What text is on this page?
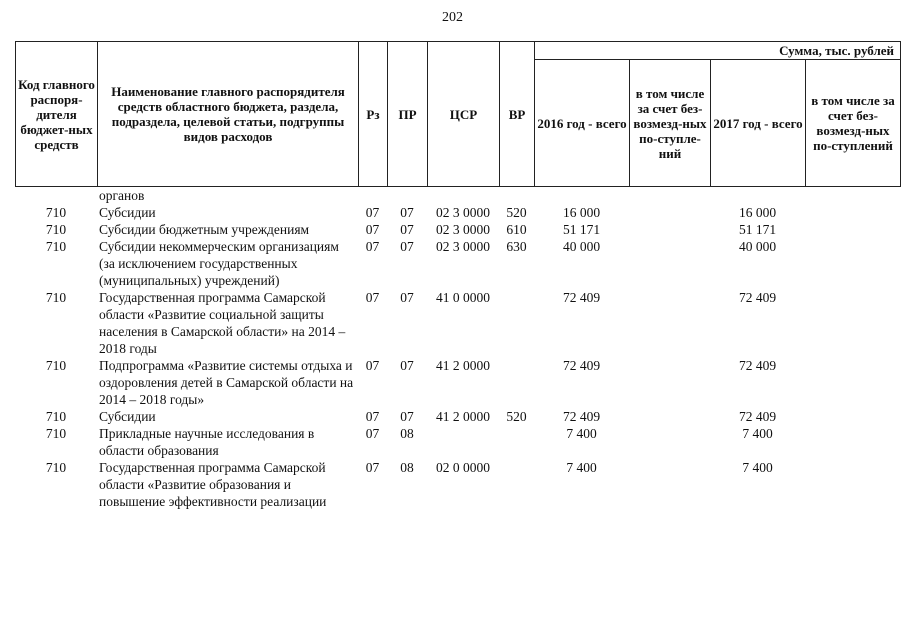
202
Код главного распоря-дителя бюджет-ных средств	Наименование главного распорядителя средств областного бюджета, раздела, подраздела, целевой статьи, подгруппы видов расходов	Рз	ПР	ЦСР	ВР	Сумма, тыс. рублей			
						2016 год - всего	в том числе за счет без-возмезд-ных по-ступле-ний	2017 год - всего	в том числе за счет без-возмезд-ных по-ступлений
	органов								
710	Субсидии	07	07	02 3 0000	520	16 000		16 000	
710	Субсидии бюджетным учреждениям	07	07	02 3 0000	610	51 171		51 171	
710	Субсидии некоммерческим организациям (за исключением государственных (муниципальных) учреждений)	07	07	02 3 0000	630	40 000		40 000	
710	Государственная программа Самарской области «Развитие социальной защиты населения в Самарской области» на 2014 – 2018 годы	07	07	41 0 0000		72 409		72 409	
710	Подпрограмма «Развитие системы отдыха и оздоровления детей в Самарской области на 2014 – 2018 годы»	07	07	41 2 0000		72 409		72 409	
710	Субсидии	07	07	41 2 0000	520	72 409		72 409	
710	Прикладные научные исследования в области образования	07	08			7 400		7 400	
710	Государственная программа Самарской области «Развитие образования и повышение эффективности реализации	07	08	02 0 0000		7 400		7 400	
